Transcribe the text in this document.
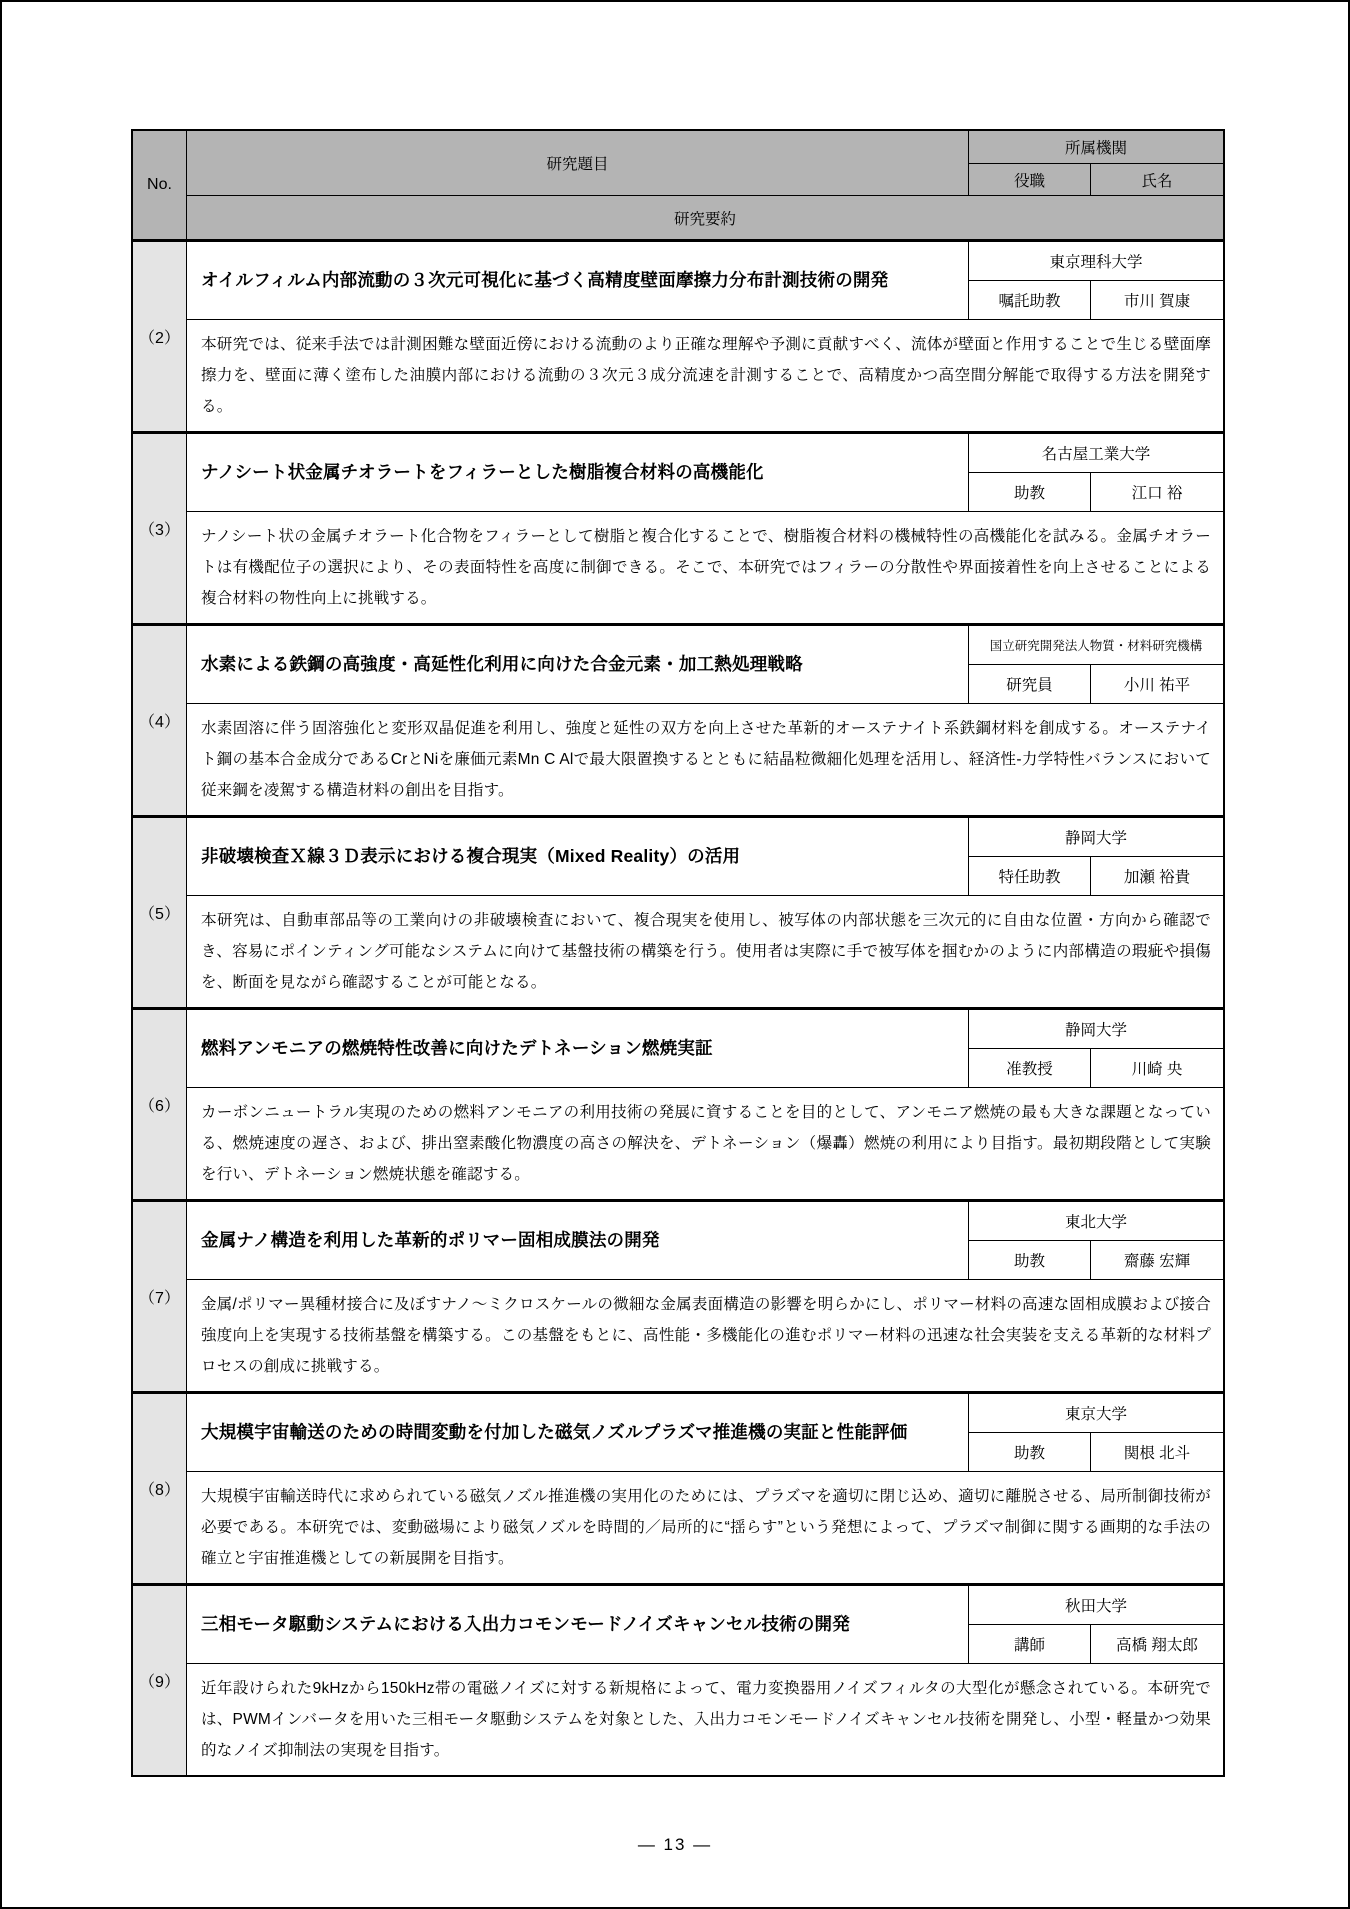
No.
研究題目
所属機関
役職	氏名
研究要約
（2）
オイルフィルム内部流動の３次元可視化に基づく高精度壁面摩擦力分布計測技術の開発
東京理科大学
嘱託助教	市川 賀康
本研究では、従来手法では計測困難な壁面近傍における流動のより正確な理解や予測に貢献すべく、流体が壁面と作用することで生じる壁面摩擦力を、壁面に薄く塗布した油膜内部における流動の３次元３成分流速を計測することで、高精度かつ高空間分解能で取得する方法を開発する。
（3）
ナノシート状金属チオラートをフィラーとした樹脂複合材料の高機能化
名古屋工業大学
助教	江口 裕
ナノシート状の金属チオラート化合物をフィラーとして樹脂と複合化することで、樹脂複合材料の機械特性の高機能化を試みる。金属チオラートは有機配位子の選択により、その表面特性を高度に制御できる。そこで、本研究ではフィラーの分散性や界面接着性を向上させることによる複合材料の物性向上に挑戦する。
（4）
水素による鉄鋼の高強度・高延性化利用に向けた合金元素・加工熱処理戦略
国立研究開発法人物質・材料研究機構
研究員	小川 祐平
水素固溶に伴う固溶強化と変形双晶促進を利用し、強度と延性の双方を向上させた革新的オーステナイト系鉄鋼材料を創成する。オーステナイト鋼の基本合金成分であるCrとNiを廉価元素Mn C Alで最大限置換するとともに結晶粒微細化処理を活用し、経済性-力学特性バランスにおいて従来鋼を凌駕する構造材料の創出を目指す。
（5）
非破壊検査Ｘ線３Ｄ表示における複合現実（Mixed Reality）の活用
静岡大学
特任助教	加瀬 裕貴
本研究は、自動車部品等の工業向けの非破壊検査において、複合現実を使用し、被写体の内部状態を三次元的に自由な位置・方向から確認でき、容易にポインティング可能なシステムに向けて基盤技術の構築を行う。使用者は実際に手で被写体を掴むかのように内部構造の瑕疵や損傷を、断面を見ながら確認することが可能となる。
（6）
燃料アンモニアの燃焼特性改善に向けたデトネーション燃焼実証
静岡大学
准教授	川崎 央
カーボンニュートラル実現のための燃料アンモニアの利用技術の発展に資することを目的として、アンモニア燃焼の最も大きな課題となっている、燃焼速度の遅さ、および、排出窒素酸化物濃度の高さの解決を、デトネーション（爆轟）燃焼の利用により目指す。最初期段階として実験を行い、デトネーション燃焼状態を確認する。
（7）
金属ナノ構造を利用した革新的ポリマー固相成膜法の開発
東北大学
助教	齋藤 宏輝
金属/ポリマー異種材接合に及ぼすナノ～ミクロスケールの微細な金属表面構造の影響を明らかにし、ポリマー材料の高速な固相成膜および接合強度向上を実現する技術基盤を構築する。この基盤をもとに、高性能・多機能化の進むポリマー材料の迅速な社会実装を支える革新的な材料プロセスの創成に挑戦する。
（8）
大規模宇宙輸送のための時間変動を付加した磁気ノズルプラズマ推進機の実証と性能評価
東京大学
助教	関根 北斗
大規模宇宙輸送時代に求められている磁気ノズル推進機の実用化のためには、プラズマを適切に閉じ込め、適切に離脱させる、局所制御技術が必要である。本研究では、変動磁場により磁気ノズルを時間的／局所的に“揺らす”という発想によって、プラズマ制御に関する画期的な手法の確立と宇宙推進機としての新展開を目指す。
（9）
三相モータ駆動システムにおける入出力コモンモードノイズキャンセル技術の開発
秋田大学
講師	高橋 翔太郎
近年設けられた9kHzから150kHz帯の電磁ノイズに対する新規格によって、電力変換器用ノイズフィルタの大型化が懸念されている。本研究では、PWMインバータを用いた三相モータ駆動システムを対象とした、入出力コモンモードノイズキャンセル技術を開発し、小型・軽量かつ効果的なノイズ抑制法の実現を目指す。
— 13 —
